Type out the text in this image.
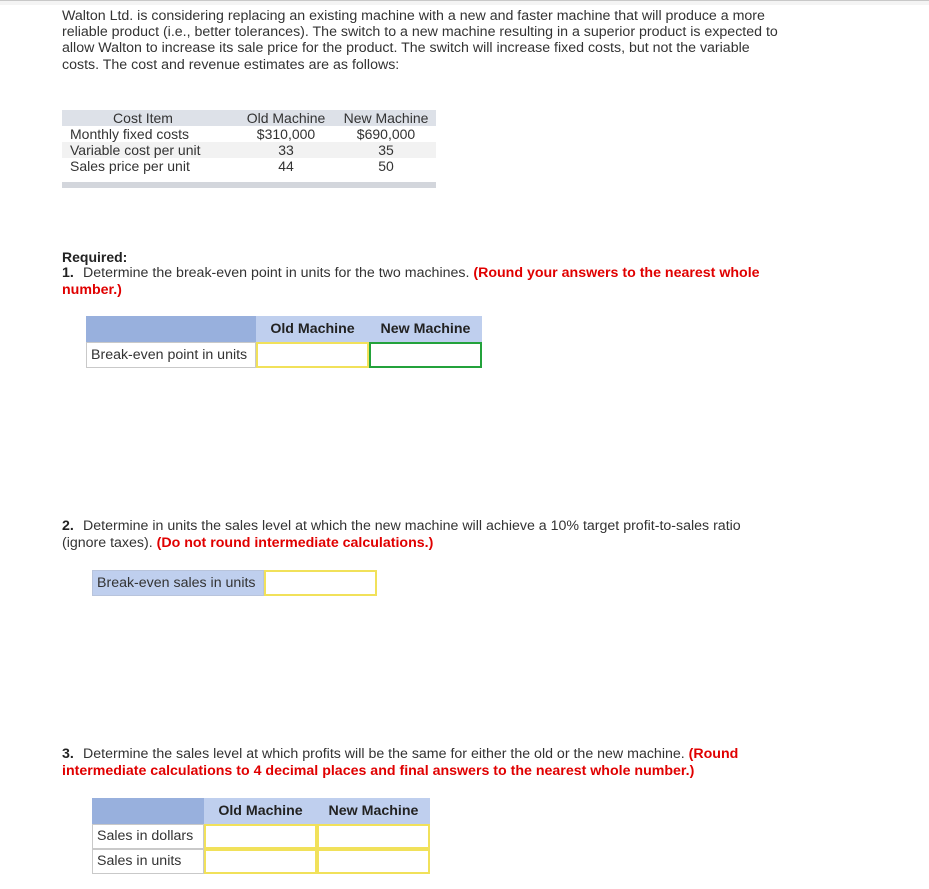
Walton Ltd. is considering replacing an existing machine with a new and faster machine that will produce a more reliable product (i.e., better tolerances). The switch to a new machine resulting in a superior product is expected to allow Walton to increase its sale price for the product. The switch will increase fixed costs, but not the variable costs. The cost and revenue estimates are as follows:

Cost Item	Old Machine	New Machine
Monthly fixed costs	$310,000	$690,000
Variable cost per unit	33	35
Sales price per unit	44	50
Required:
1. Determine the break-even point in units for the two machines. (Round your answers to the nearest whole number.)
Old Machine	New Machine
Break-even point in units
2. Determine in units the sales level at which the new machine will achieve a 10% target profit-to-sales ratio (ignore taxes). (Do not round intermediate calculations.)
Break-even sales in units
3. Determine the sales level at which profits will be the same for either the old or the new machine. (Round intermediate calculations to 4 decimal places and final answers to the nearest whole number.)
Old Machine	New Machine
Sales in dollars
Sales in units
